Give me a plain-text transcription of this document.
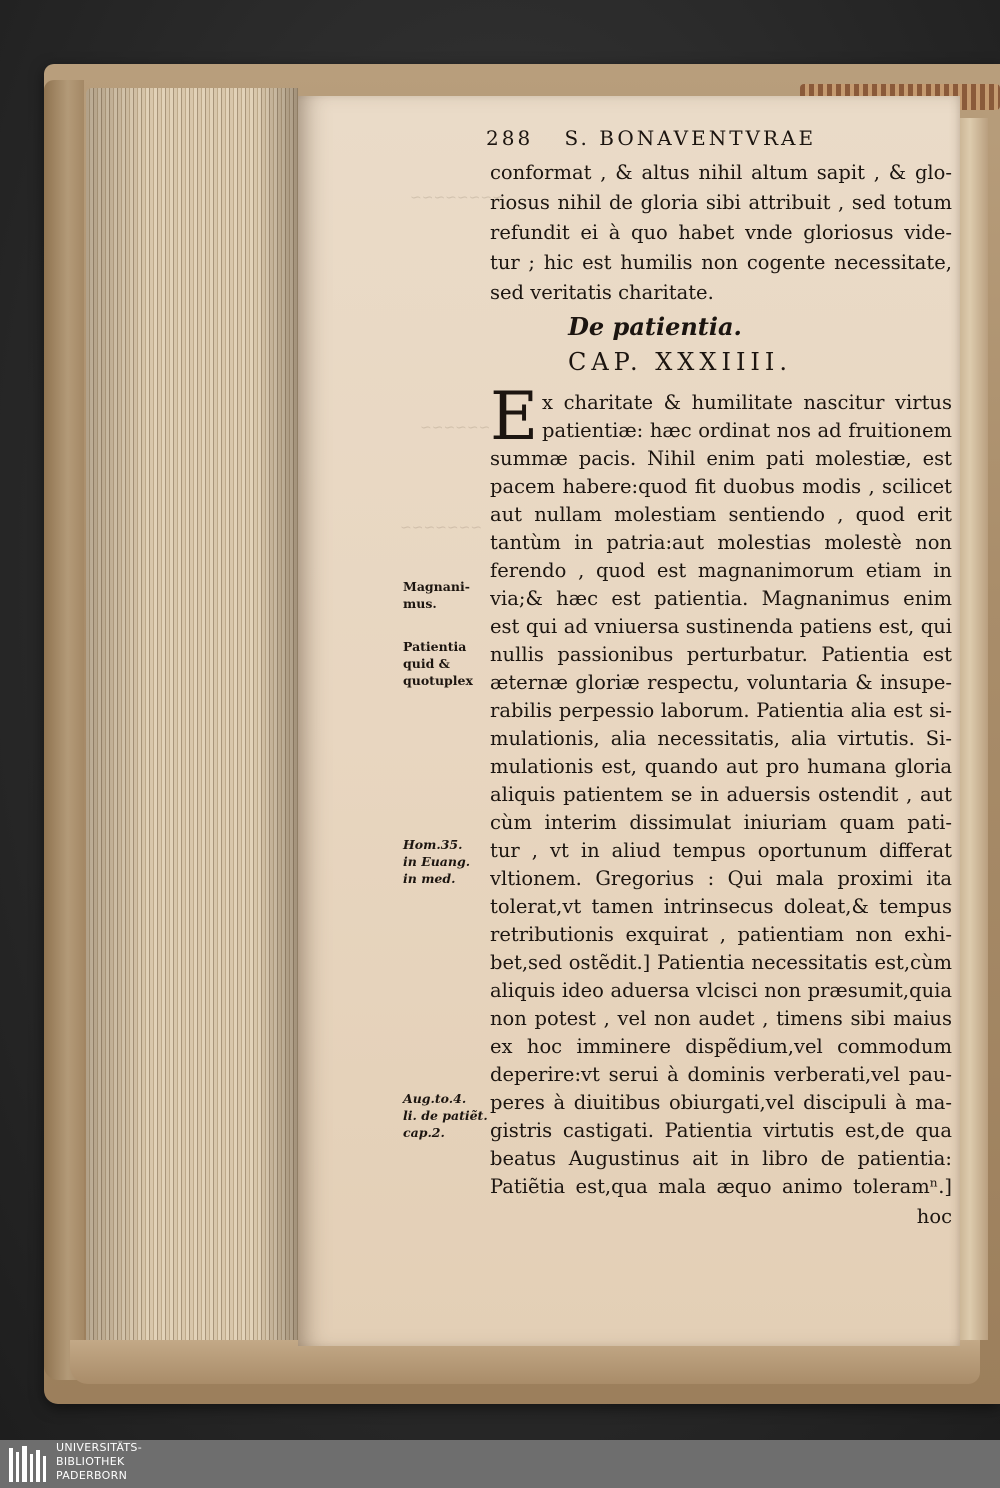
288 S. BONAVENTVRAE
conformat , & altus nihil altum sapit , & glo-
riosus nihil de gloria sibi attribuit , sed totum
refundit ei à quo habet vnde gloriosus vide-
tur ; hic est humilis non cogente necessitate,
sed veritatis charitate.
De patientia.
CAP. XXXIIII.
E x charitate & humilitate nascitur virtus
patientiæ: hæc ordinat nos ad fruitionem
summæ pacis. Nihil enim pati molestiæ, est
pacem habere:quod fit duobus modis , scilicet
aut nullam molestiam sentiendo , quod erit
tantùm in patria:aut molestias molestè non
ferendo , quod est magnanimorum etiam in
via;& hæc est patientia. Magnanimus enim
est qui ad vniuersa sustinenda patiens est, qui
nullis passionibus perturbatur. Patientia est
æternæ gloriæ respectu, voluntaria & insupe-
rabilis perpessio laborum. Patientia alia est si-
mulationis, alia necessitatis, alia virtutis. Si-
mulationis est, quando aut pro humana gloria
aliquis patientem se in aduersis ostendit , aut
cùm interim dissimulat iniuriam quam pati-
tur , vt in aliud tempus oportunum differat
vltionem. Gregorius : Qui mala proximi ita
tolerat,vt tamen intrinsecus doleat,& tempus
retributionis exquirat , patientiam non exhi-
bet,sed ostẽdit.] Patientia necessitatis est,cùm
aliquis ideo aduersa vlcisci non præsumit,quia
non potest , vel non audet , timens sibi maius
ex hoc imminere dispẽdium,vel commodum
deperire:vt serui à dominis verberati,vel pau-
peres à diuitibus obiurgati,vel discipuli à ma-
gistris castigati. Patientia virtutis est,de qua
beatus Augustinus ait in libro de patientia:
Patiẽtia est,qua mala æquo animo toleramⁿ.]
hoc
Magnani-
mus.
Patientia
quid &
quotuplex
Hom.35.
in Euang.
in med.
Aug.to.4.
li. de patiẽt.
cap.2.
~~~~~~~~
~~~~~~
~~~~~~~
UNIVERSITÄTS-
BIBLIOTHEK
PADERBORN
